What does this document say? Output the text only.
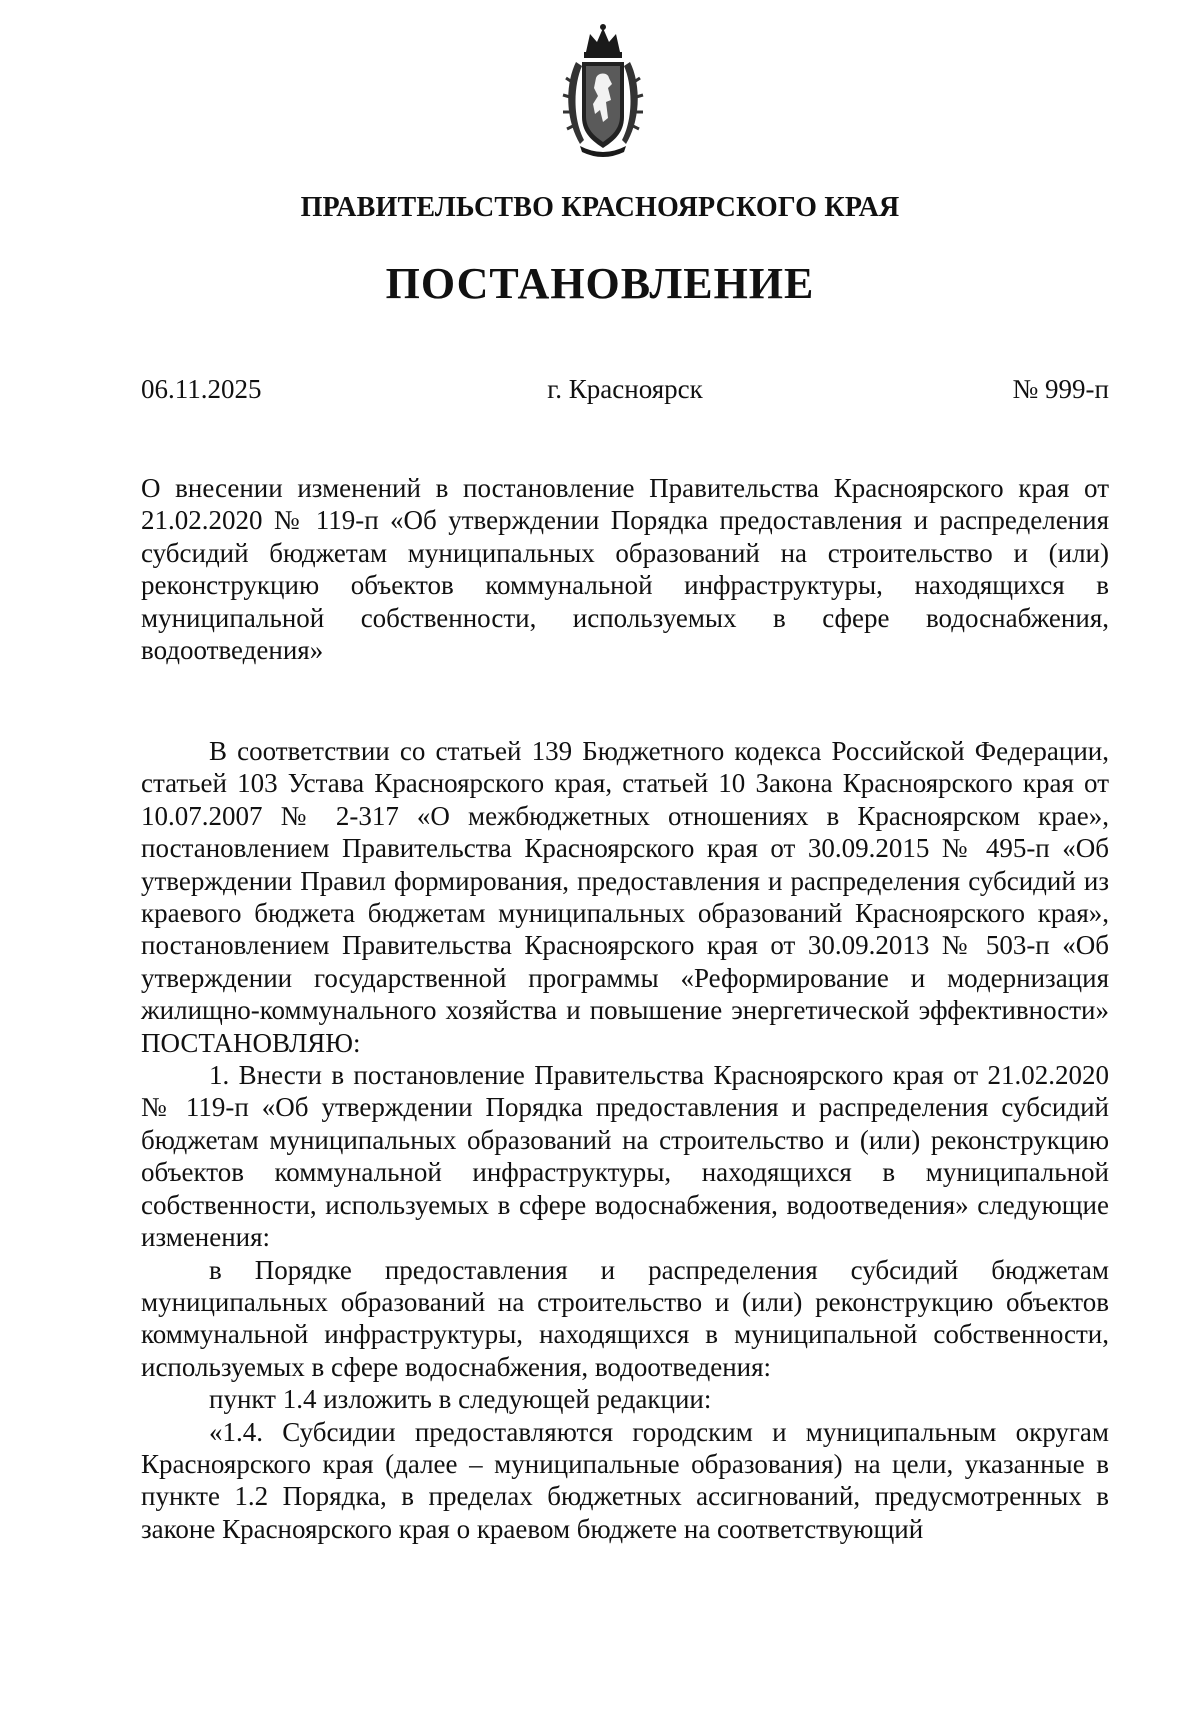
ПРАВИТЕЛЬСТВО КРАСНОЯРСКОГО КРАЯ
ПОСТАНОВЛЕНИЕ
06.11.2025	г. Красноярск	№ 999-п

О внесении изменений в постановление Правительства Красноярского края от 21.02.2020 № 119-п «Об утверждении Порядка предоставления и распределения субсидий бюджетам муниципальных образований на строительство и (или) реконструкцию объектов коммунальной инфраструктуры, находящихся в муниципальной собственности, используемых в сфере водоснабжения, водоотведения»

В соответствии со статьей 139 Бюджетного кодекса Российской Федерации, статьей 103 Устава Красноярского края, статьей 10 Закона Красноярского края от 10.07.2007 № 2-317 «О межбюджетных отношениях в Красноярском крае», постановлением Правительства Красноярского края от 30.09.2015 № 495-п «Об утверждении Правил формирования, предоставления и распределения субсидий из краевого бюджета бюджетам муниципальных образований Красноярского края», постановлением Правительства Красноярского края от 30.09.2013 № 503-п «Об утверждении государственной программы «Реформирование и модернизация жилищно-коммунального хозяйства и повышение энергетической эффективности» ПОСТАНОВЛЯЮ:

1. Внести в постановление Правительства Красноярского края от 21.02.2020 № 119-п «Об утверждении Порядка предоставления и распределения субсидий бюджетам муниципальных образований на строительство и (или) реконструкцию объектов коммунальной инфраструктуры, находящихся в муниципальной собственности, используемых в сфере водоснабжения, водоотведения» следующие изменения:

в Порядке предоставления и распределения субсидий бюджетам муниципальных образований на строительство и (или) реконструкцию объектов коммунальной инфраструктуры, находящихся в муниципальной собственности, используемых в сфере водоснабжения, водоотведения:

пункт 1.4 изложить в следующей редакции:

«1.4. Субсидии предоставляются городским и муниципальным округам Красноярского края (далее – муниципальные образования) на цели, указанные в пункте 1.2 Порядка, в пределах бюджетных ассигнований, предусмотренных в законе Красноярского края о краевом бюджете на соответствующий
